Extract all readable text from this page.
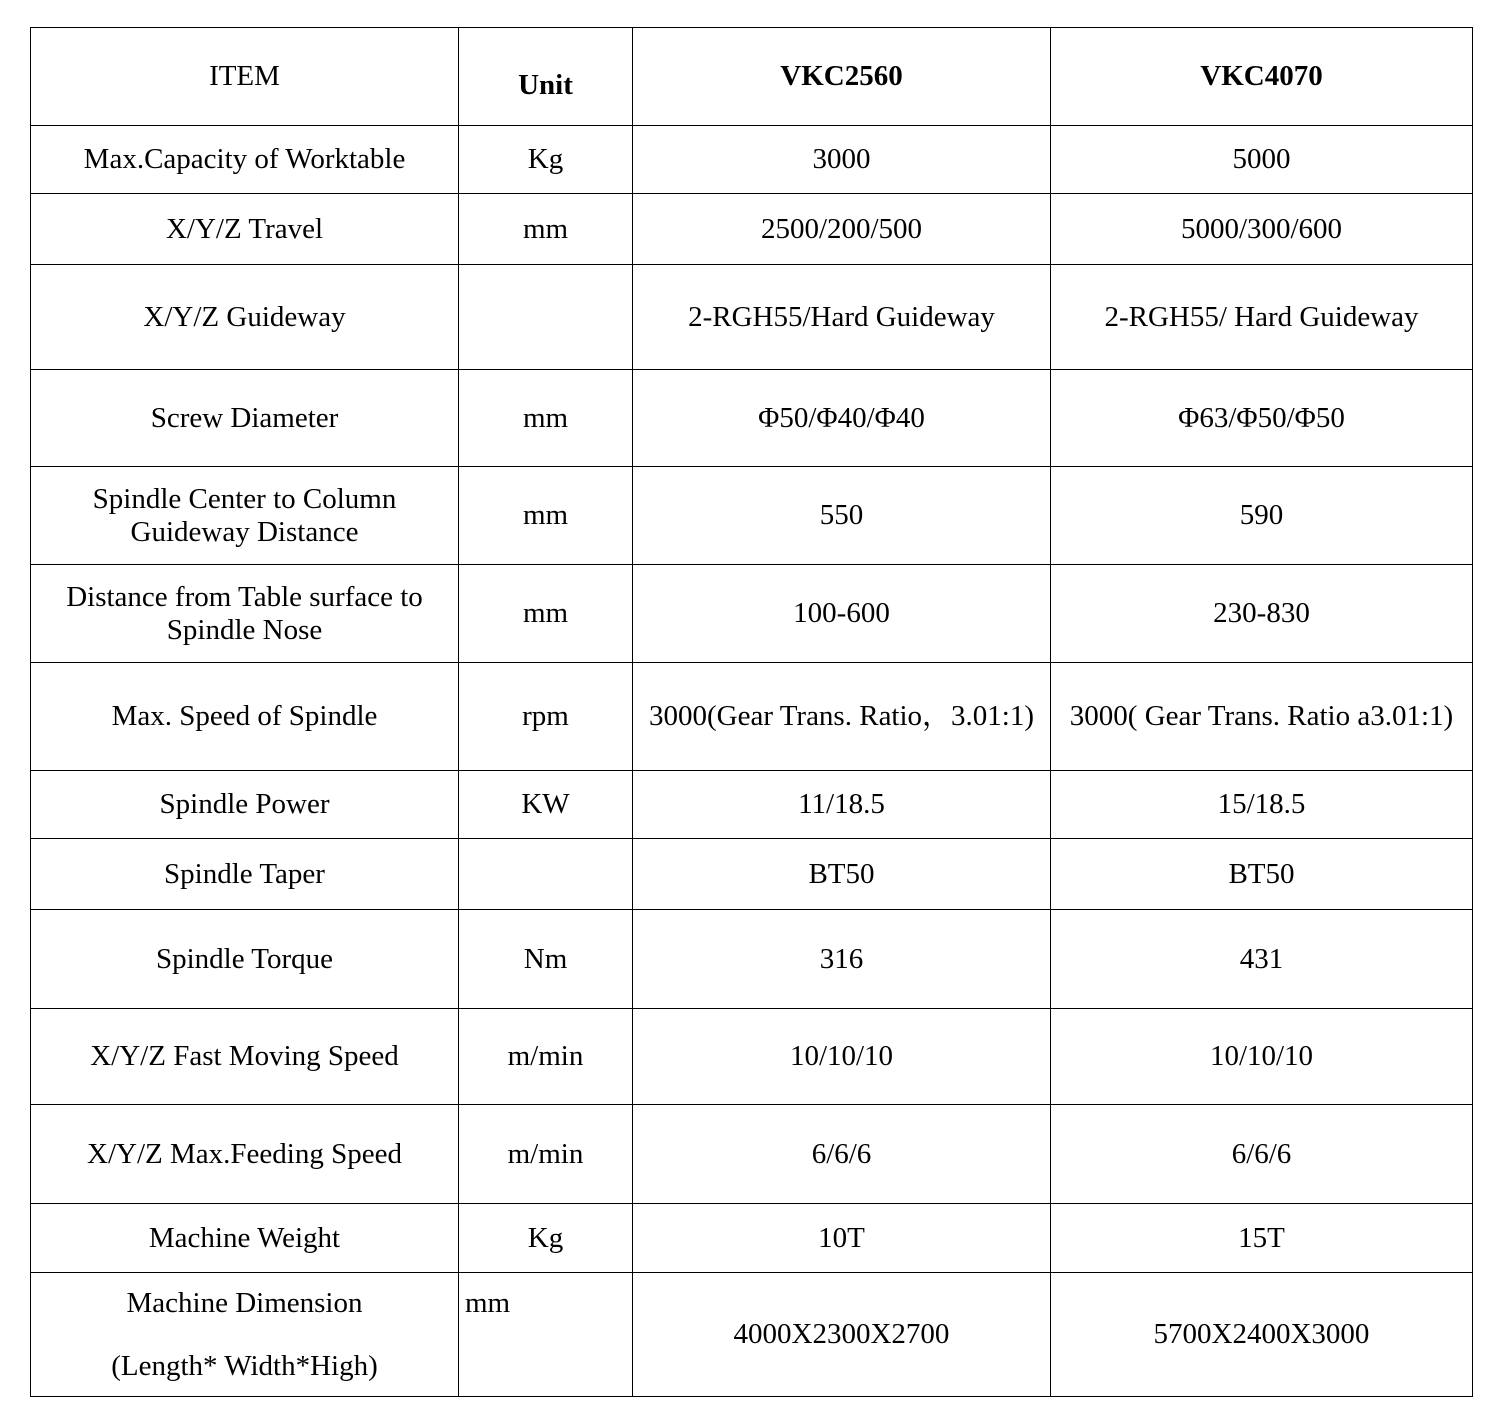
ITEM	Unit	VKC2560	VKC4070
Max.Capacity of Worktable	Kg	3000	5000
X/Y/Z Travel	mm	2500/200/500	5000/300/600
X/Y/Z Guideway		2-RGH55/Hard Guideway	2-RGH55/ Hard Guideway
Screw Diameter	mm	Φ50/Φ40/Φ40	Φ63/Φ50/Φ50
Spindle Center to Column Guideway Distance	mm	550	590
Distance from Table surface to Spindle Nose	mm	100-600	230-830
Max. Speed of Spindle	rpm	3000(Gear Trans. Ratio，3.01:1)	3000( Gear Trans. Ratio a3.01:1)
Spindle Power	KW	11/18.5	15/18.5
Spindle Taper		BT50	BT50
Spindle Torque	Nm	316	431
X/Y/Z Fast Moving Speed	m/min	10/10/10	10/10/10
X/Y/Z Max.Feeding Speed	m/min	6/6/6	6/6/6
Machine Weight	Kg	10T	15T

Machine Dimension
(Length* Width*High)	mm	4000X2300X2700	5700X2400X3000
